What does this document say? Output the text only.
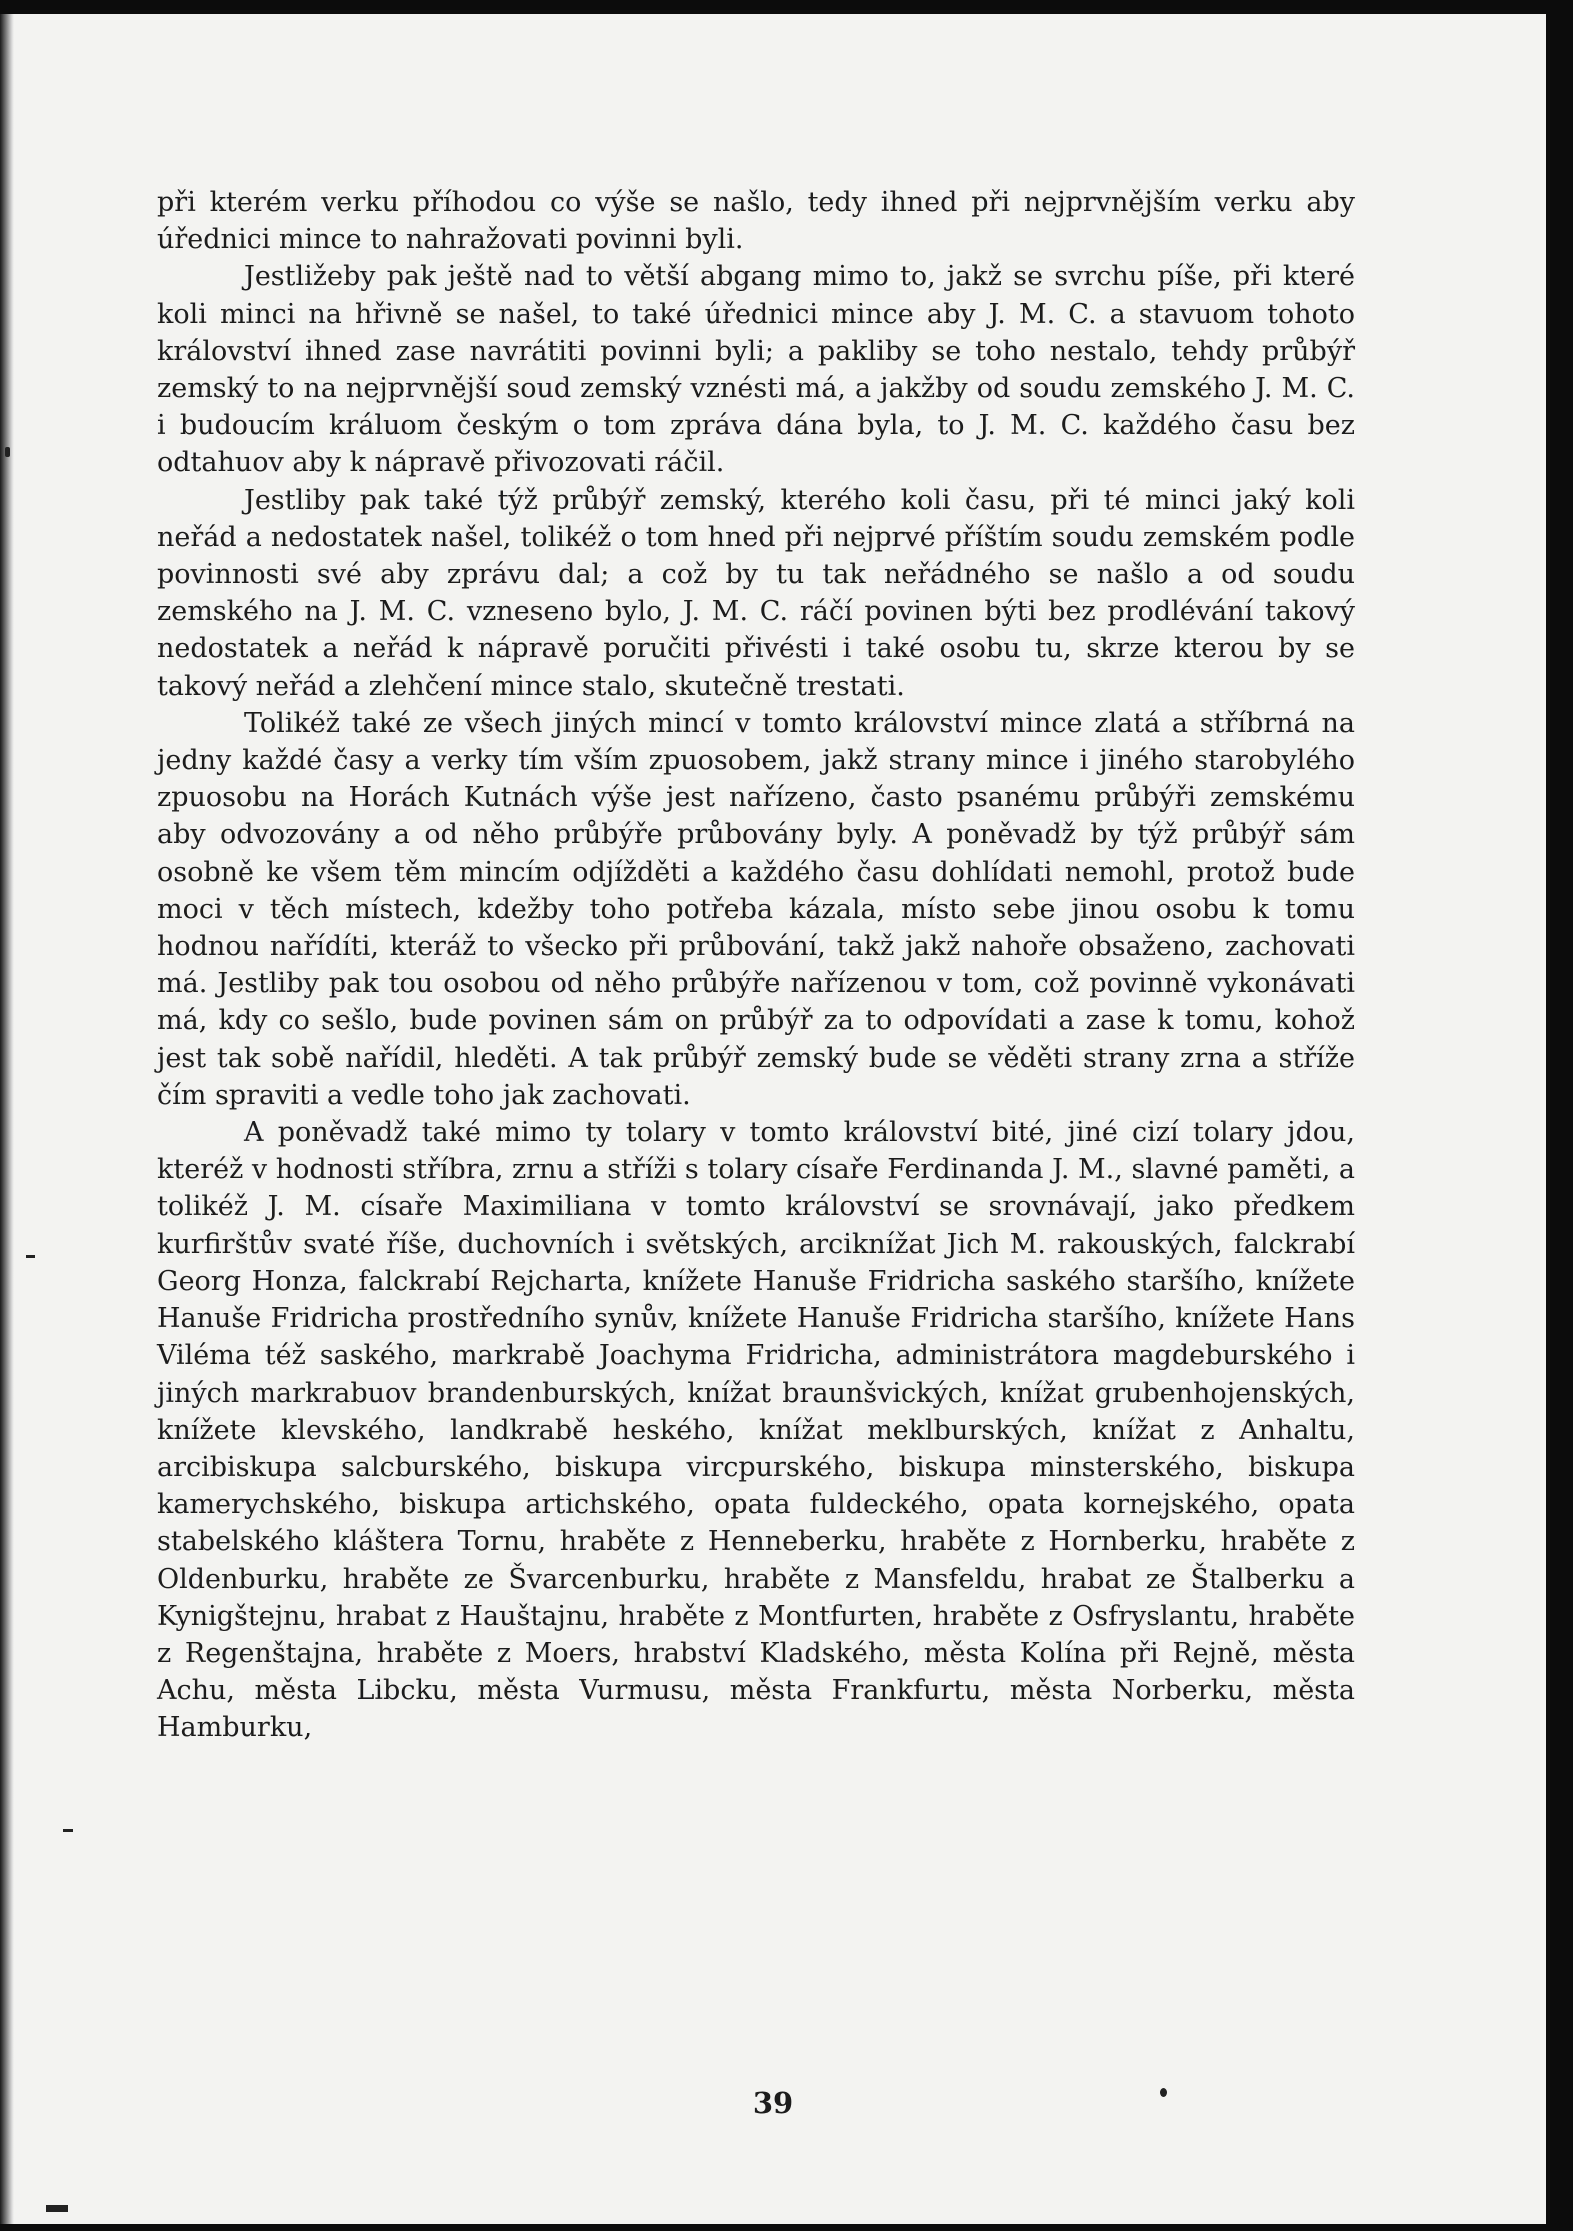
při kterém verku příhodou co výše se našlo, tedy ihned při nejprvnějším verku aby úřednici mince to nahražovati povinni byli.

Jestližeby pak ještě nad to větší abgang mimo to, jakž se svrchu píše, při které koli minci na hřivně se našel, to také úřednici mince aby J. M. C. a stavuom tohoto království ihned zase navrátiti povinni byli; a pakliby se toho nestalo, tehdy průbýř zemský to na nejprvnější soud zemský vznésti má, a jakžby od soudu zemského J. M. C. i budoucím králuom českým o tom zpráva dána byla, to J. M. C. každého času bez odtahuov aby k nápravě přivozovati ráčil.

Jestliby pak také týž průbýř zemský, kterého koli času, při té minci jaký koli neřád a nedostatek našel, tolikéž o tom hned při nejprvé příštím soudu zemském podle povinnosti své aby zprávu dal; a což by tu tak neřádného se našlo a od soudu zemského na J. M. C. vzneseno bylo, J. M. C. ráčí povinen býti bez prodlévání takový nedostatek a neřád k nápravě poručiti přivésti i také osobu tu, skrze kterou by se takový neřád a zlehčení mince stalo, skutečně trestati.

Tolikéž také ze všech jiných mincí v tomto království mince zlatá a stříbrná na jedny každé časy a verky tím vším zpuosobem, jakž strany mince i jiného starobylého zpuosobu na Horách Kutnách výše jest nařízeno, často psanému průbýři zemskému aby odvozovány a od něho průbýře průbovány byly. A poněvadž by týž průbýř sám osobně ke všem těm mincím odjížděti a každého času dohlídati nemohl, protož bude moci v těch místech, kdežby toho potřeba kázala, místo sebe jinou osobu k tomu hodnou nařídíti, kteráž to všecko při průbování, takž jakž nahoře obsaženo, zachovati má. Jestliby pak tou osobou od něho průbýře nařízenou v tom, což povinně vykonávati má, kdy co sešlo, bude povinen sám on průbýř za to odpovídati a zase k tomu, kohož jest tak sobě nařídil, hleděti. A tak průbýř zemský bude se věděti strany zrna a stříže čím spraviti a vedle toho jak zachovati.

A poněvadž také mimo ty tolary v tomto království bité, jiné cizí tolary jdou, kteréž v hodnosti stříbra, zrnu a stříži s tolary císaře Ferdinanda J. M., slavné paměti, a tolikéž J. M. císaře Maximiliana v tomto království se srovnávají, jako předkem kurfirštův svaté říše, duchovních i světských, arciknížat Jich M. rakouských, falckrabí Georg Honza, falckrabí Rejcharta, knížete Hanuše Fridricha saského staršího, knížete Hanuše Fridricha prostředního synův, knížete Hanuše Fridricha staršího, knížete Hans Viléma též saského, markrabě Joachyma Fridricha, administrátora magdeburského i jiných markrabuov brandenburských, knížat braunšvických, knížat grubenhojenských, knížete klevského, landkrabě heského, knížat meklburských, knížat z Anhaltu, arcibiskupa salcburského, biskupa vircpurského, biskupa minsterského, biskupa kamerychského, biskupa artichského, opata fuldeckého, opata kornejského, opata stabelského kláštera Tornu, hraběte z Henneberku, hraběte z Hornberku, hraběte z Oldenburku, hraběte ze Švarcenburku, hraběte z Mansfeldu, hrabat ze Štalberku a Kynigštejnu, hrabat z Hauštajnu, hraběte z Montfurten, hraběte z Osfryslantu, hraběte z Regenštajna, hraběte z Moers, hrabství Kladského, města Kolína při Rejně, města Achu, města Libcku, města Vurmusu, města Frankfurtu, města Norberku, města Hamburku,

39
